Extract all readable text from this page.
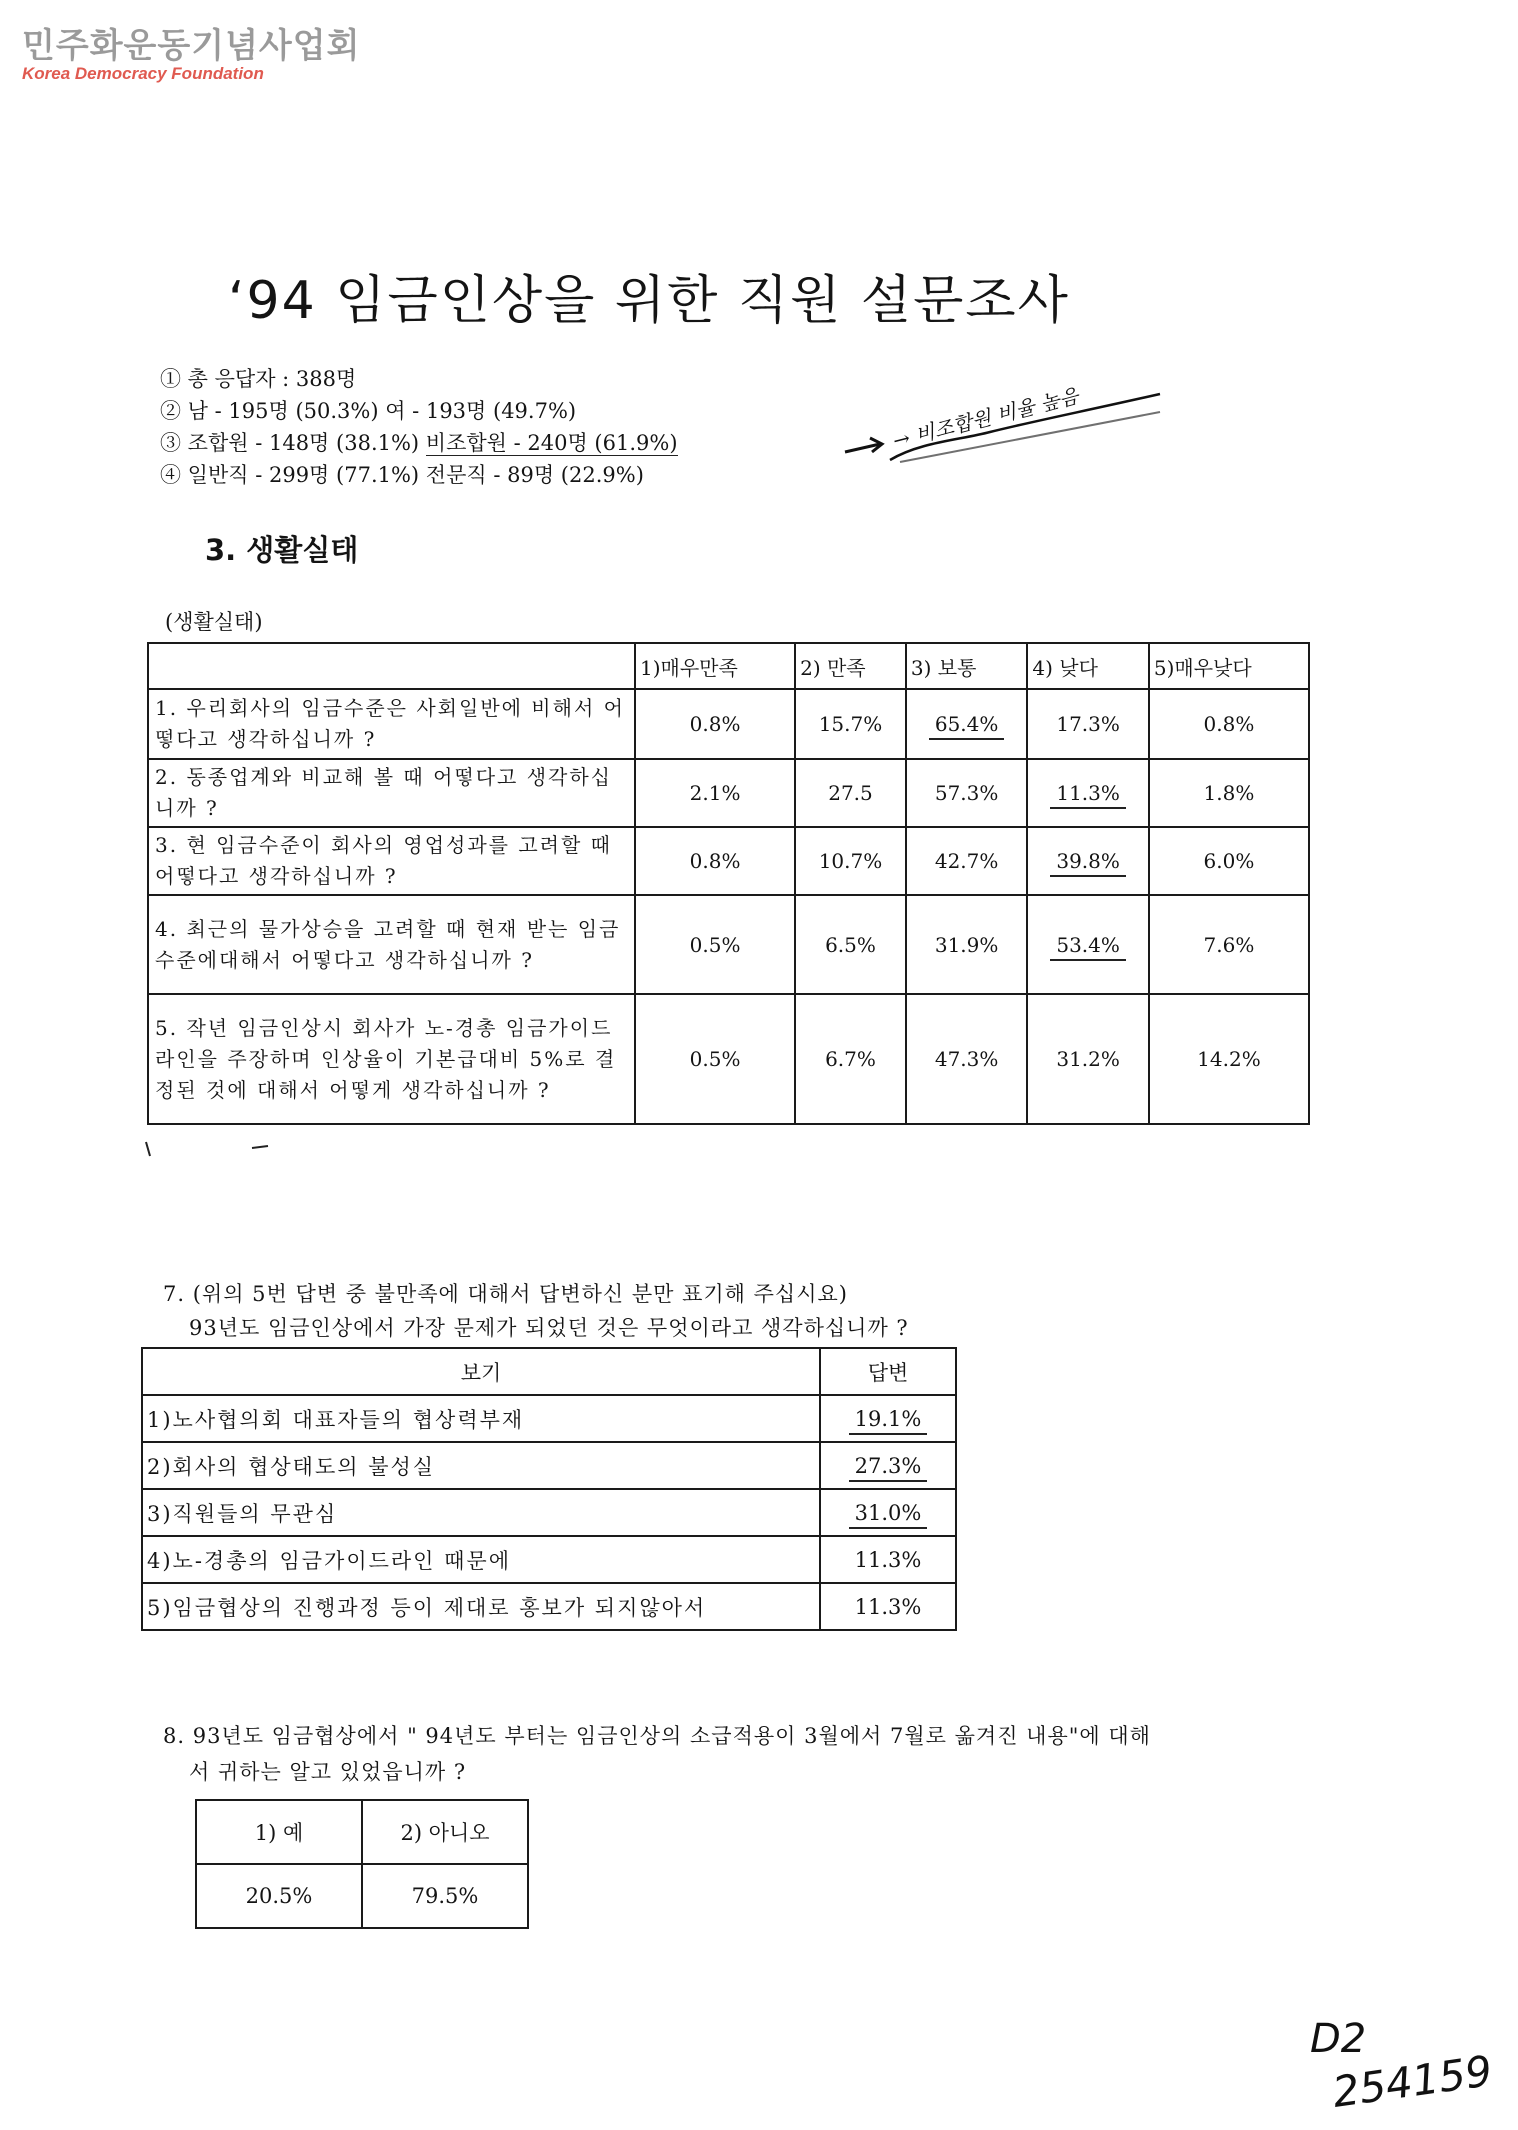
민주화운동기념사업회
Korea Democracy Foundation
‘94 임금인상을 위한 직원 설문조사
① 총 응답자 : 388명
② 남 - 195명 (50.3%) 여 - 193명 (49.7%)
③ 조합원 - 148명 (38.1%) 비조합원 - 240명 (61.9%)
④ 일반직 - 299명 (77.1%) 전문직 - 89명 (22.9%)
→ 비조합원 비율 높음
3. 생활실태
(생활실태)
	1)매우만족	2) 만족	3) 보통	4) 낮다	5)매우낮다

1. 우리회사의 임금수준은 사회일반에 비해서 어떻다고 생각하십니까 ?	0.8%	15.7%	65.4%	17.3%	0.8%

2. 동종업계와 비교해 볼 때 어떻다고 생각하십니까 ?	2.1%	27.5	57.3%	11.3%	1.8%

3. 현 임금수준이 회사의 영업성과를 고려할 때 어떻다고 생각하십니까 ?	0.8%	10.7%	42.7%	39.8%	6.0%

4. 최근의 물가상승을 고려할 때 현재 받는 임금수준에대해서 어떻다고 생각하십니까 ?	0.5%	6.5%	31.9%	53.4%	7.6%

5. 작년 임금인상시 회사가 노-경총 임금가이드라인을 주장하며 인상율이 기본급대비 5%로 결정된 것에 대해서 어떻게 생각하십니까 ?	0.5%	6.7%	47.3%	31.2%	14.2%
7. (위의 5번 답변 중 불만족에 대해서 답변하신 분만 표기해 주십시요)
93년도 임금인상에서 가장 문제가 되었던 것은 무엇이라고 생각하십니까 ?
보기	답변
1)노사협의회 대표자들의 협상력부재	19.1%
2)회사의 협상태도의 불성실	27.3%
3)직원들의 무관심	31.0%
4)노-경총의 임금가이드라인 때문에	11.3%
5)임금협상의 진행과정 등이 제대로 홍보가 되지않아서	11.3%
8. 93년도 임금협상에서 " 94년도 부터는 임금인상의 소급적용이 3월에서 7월로 옮겨진 내용"에 대해
서 귀하는 알고 있었읍니까 ?
1) 예	2) 아니오
20.5%	79.5%
D2
254159
